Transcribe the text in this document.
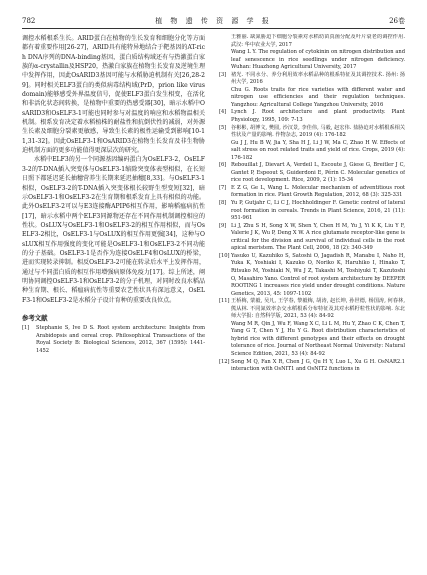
782	植 物 遗 传 资 源 学 报	26卷

调控水稻根系生长。ARID蛋白在植物的生长发育和细胞分化等方面都有着重要作用[26-27]，ARID具有能特异地结合于靶基因的AT-rich DNA序列的DNA-binding基因，蛋白质结构域还有与热激蛋白家族的α-crystallin及HSP20，热激白家族在植物生长发育及逆境生理中发挥作用，因此OsARID3基因可能与水稻胁迫机制有关[26,28-29]。同时相关ELF3蛋白的类似病毒结构域(PrD，prion like virus domain)能够感受外界温度信号，促使ELF3蛋白发生相变，在活化和非活化状态间转换，是植物中重要的热感受器[30]，暗示水稻中OsARID3和OsELF3-1可能也同时参与对温度的响应和水稻物温相关机制。根系发育决定着水稻植株的耐盐性和抗倒伏性的减弱，对外源生长素及细胞分裂素更敏感，导致生长素的极性运输受到影响[10-11,31-32]。因此OsELF3-1和OsARID3在植物生长发育及非生物胁迫机制方面的更多功能值得更深层次的研究。

水稻中ELF3的另一个同源基因编码蛋白为OsELF3-2，OsELF3-2的T-DNA插入突变体与OsELF3-1缩除突变体表型相似，在长短日照下都延迟延长抽穗营养生长期来延迟抽穗[8,33]。与OsELF3-1相似，OsELF3-2的T-DNA插入突变体根长较野生型变短[32]，暗示OsELF3-1和OsELF3-2在生育期和根系发育上具有相似的功能。此外OsELF3-2可以与E3连接酶APIP6相互作用，影响稻瘟病抗性[17]，暗示水稻中两个ELF3同源物还存在不同作用机制调控相应的性状。OsLUX与OsELF3-1和OsELF3-2的相互作用相似，而与OsELF3-2相比，OsELF3-1与OsLUX的相互作用更强[34]，这种与OsLUX相互作用强度的变化可能是OsELF3-1和OsELF3-2不同功能的分子基础。OsELF3-1是否作为连接OsELF4和OsLUX的桥梁，进而实现转录抑制。相反OsELF3-2可能在转录后水平上发挥作用，通过与不同蛋白质的相互作用增强病原体免疫力[17]。综上所述，阐明协同调控OsELF3-1和OsELF3-2的分子机理，对同时改良水稻品种生育期、根长、稻瘟病抗性等重要农艺性状具有深远意义，OsELF3-1和OsELF3-2是水稻分子设计育种的重要改良位点。

参考文献
[1]	Stephanie S, Ive D S. Root system architecture: Insights from Arabidopsis and cereal crop. Philosophical Transactions of the Royal Society B: Biological Sciences, 2012, 367 (1595): 1441-1452
王雅丽. 缺氮胁迫下细胞分裂素对水稻幼苗真菌分配及叶片衰老的调控作用. 武汉: 华中农业大学, 2017
Wang L Y. The regulation of cytokinin on nitrogen distribution and leaf senescence in rice seedlings under nitrogen deficiency. Wuhan: Huazhong Agricultural University, 2017
[3] 褚光. 不同水分、养分利用效率水稻品种的根系特征及其调控技术. 扬州: 扬州大学, 2016
Chu G. Roots traits for rice varieties with different water and nitrogen use efficiencies and their regulation techniques. Yangzhou: Agricultural College Yangzhou University, 2016
[4] Lynch J. Root architecture and plant productivity. Plant Physiology, 1995, 109: 7-13
[5] 谷彬彬, 胡博文, 樊圆, 沙汉景, 李佳伟, 马毅, 赵宏伟. 盐胁迫对水稻根系相关性状及产量的影响. 作物杂志, 2019 (4): 176-182
Gu J J, Hu B W, Jia Y, Sha H J, Li J W, Ma C, Zhao H W. Effects of salt stress on root related traits and yield of rice. Crops, 2019 (4): 176-182
[6] Rebouillat J, Dievart A, Verdeil L, Escoute J, Giese G, Breitler J C, Gantet P, Espeout S, Guiderdoni E, Périn C. Molecular genetics of rice root development. Rice, 2009, 2 (1): 15-34
[7] E Z G, Ge L, Wang L. Molecular mechanism of adventitious root formation in rice. Plant Growth Regulation, 2012, 68 (3): 325-331
[8] Yu P, Gutjahr C, Li C J, Hochholdinger F. Genetic control of lateral root formation in cereals. Trends in Plant Science, 2016, 21 (11): 951-961
[9] Li J, Zhu S H, Song X W, Shen Y, Chen H M, Yu J, Yi K K, Liu Y F, Valerie J K, Wu P, Deng X W. A rice glutamate receptor-like gene is critical for the division and survival of individual cells in the root apical meristem. The Plant Cell, 2006, 18 (2): 340-349
[10] Yasuko U, Kazuhiko S, Satoshi O, Jagadish R, Manabu I, Naho H, Yuka K, Yoshiaki I, Kazuko O, Noriko K, Haruhiko I, Hinako T, Ritsuko M, Yoshiaki N, Wu J Z, Takashi M, Toshiyuki T, Kazutoshi O, Masahiro Yano. Control of root system architecture by DEEPER ROOTING 1 increases rice yield under drought conditions. Nature Genetics, 2013, 45: 1097-1102
[11] 王桥梅, 蒙毅, 吴凡, 王学春, 黎毅梅, 胡涛, 赵长坤, 孙世德, 杨国涛, 何春林, 熊从林. 不同氮效率杂交水稻根系分布特征及其对水稻籽粒性状的影响. 东北师大学报: 自然科学版, 2021, 53 (4): 84-92
Wang M R, Qin J, Wu F, Wang X C, Li L M, Hu Y, Zhao C K, Chen T, Yang G T, Chen Y J, Hu Y G. Root distribution characteristics of hybrid rice with different genotypes and their effects on drought tolerance of rice. Journal of Northeast Normal University: Natural Science Edition, 2021, 53 (4): 84-92
[12] Song M Q, Fan X R, Chen J G, Qu H Y, Luo L, Xu G H. OsNAR2.1 interaction with OsNIT1 and OsNIT2 functions in
